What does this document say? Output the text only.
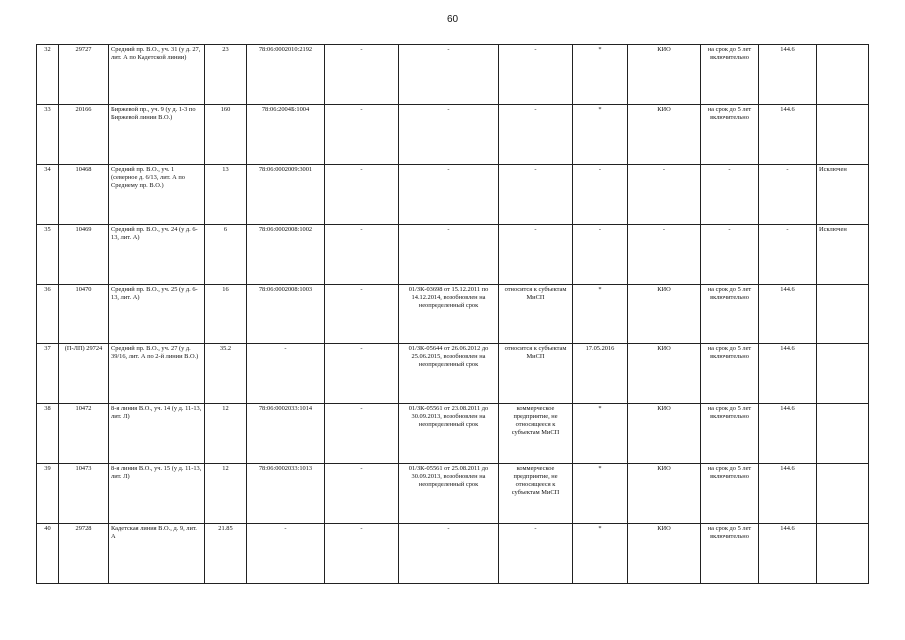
60
32	29727	Средний пр. В.О., уч. 31 (у д. 27, лит. А по Кадетской линии)	23	78:06:0002010:2192	-	-	-	*	КИО	на срок до 5 лет включительно	144.6	
33	20166	Биржевой пр., уч. 9 (у д. 1-3 по Биржевой линии В.О.)	160	78:06:2004Б:1004	-	-	-	*	КИО	на срок до 5 лет включительно	144.6	
34	10468	Средний пр. В.О., уч. 1 (северное д. 6/13, лит. А по Среднему пр. В.О.)	13	78:06:0002009:3001	-	-	-	-	-	-	-	Исключен
35	10469	Средний пр. В.О., уч. 24 (у д. 6-13, лит. А)	6	78:06:0002008:1002	-	-	-	-	-	-	-	Исключен
36	10470	Средний пр. В.О., уч. 25 (у д. 6-13, лит. А)	16	78:06:0002008:1003	-	01/ЗК-03698 от 15.12.2011 по 14.12.2014, возобновлен на неопределенный срок	относится к субъектам МиСП	*	КИО	на срок до 5 лет включительно	144.6	
37	(П-ЛП) 29724	Средний пр. В.О., уч. 27 (у д. 39/16, лит. А по 2-й линии В.О.)	35.2	-	-	01/ЗК-05644 от 26.06.2012 до 25.06.2015, возобновлен на неопределенный срок	относится к субъектам МиСП	17.05.2016	КИО	на срок до 5 лет включительно	144.6	
38	10472	8-я линия В.О., уч. 14 (у д. 11-13, лит. Л)	12	78:06:0002033:1014	-	01/ЗК-05561 от 23.08.2011 до 30.09.2013, возобновлен на неопределенный срок	коммерческое предприятие, не относящееся к субъектам МиСП	*	КИО	на срок до 5 лет включительно	144.6	
39	10473	8-я линия В.О., уч. 15 (у д. 11-13, лит. Л)	12	78:06:0002033:1013	-	01/ЗК-05561 от 25.08.2011 до 30.09.2013, возобновлен на неопределенный срок	коммерческое предприятие, не относящееся к субъектам МиСП	*	КИО	на срок до 5 лет включительно	144.6	
40	29728	Кадетская линия В.О., д. 9, лит. А	21.85	-	-	-	-	*	КИО	на срок до 5 лет включительно	144.6	
